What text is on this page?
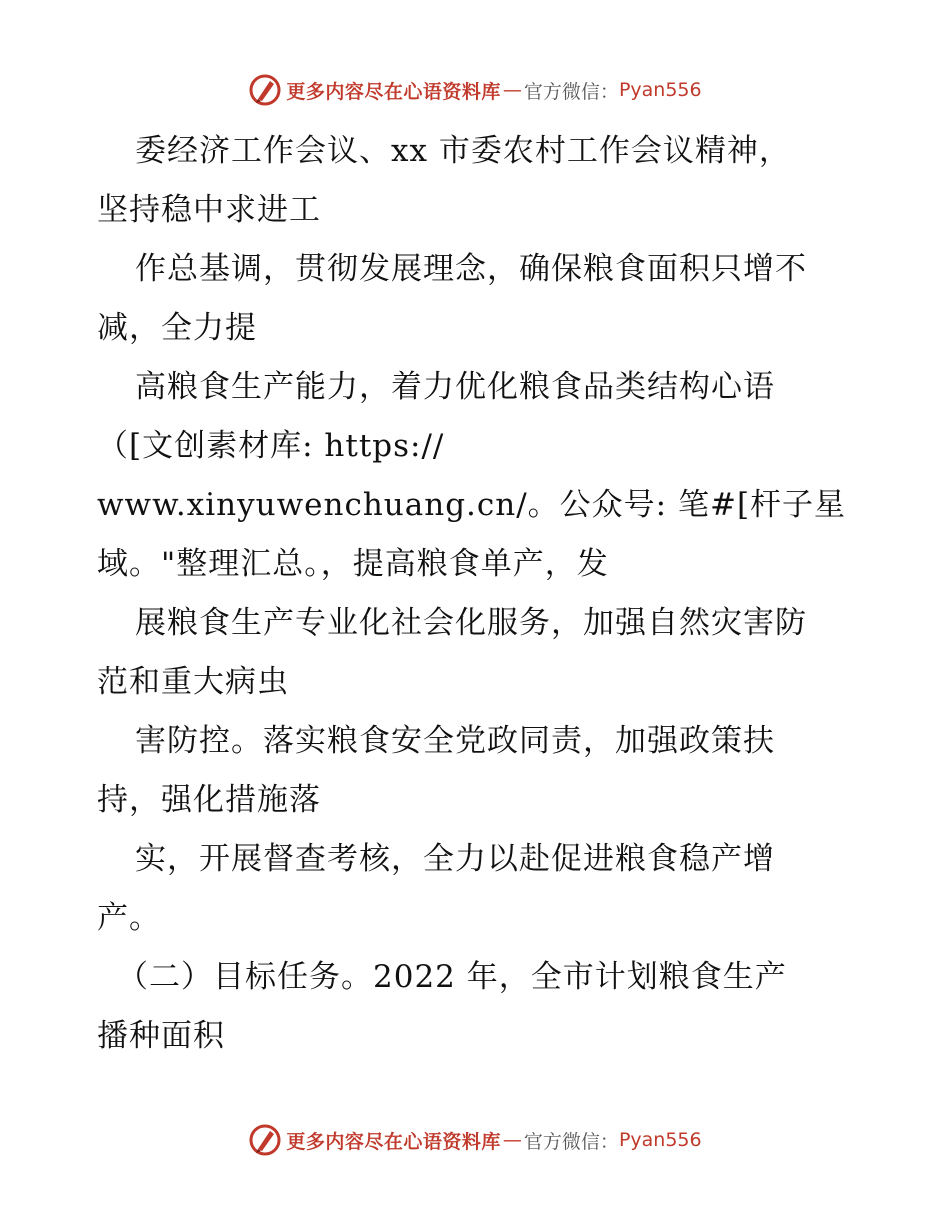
更多内容尽在心语资料库 — 官方微信： Pyan556
委经济工作会议、xx 市委农村工作会议精神，
坚持稳中求进工
作总基调，贯彻发展理念，确保粮食面积只增不
减，全力提
高粮食生产能力，着力优化粮食品类结构心语
（[文创素材库: https://
www.xinyuwenchuang.cn/。公众号: 笔#[杆子星
域。"整理汇总。，提高粮食单产，发
展粮食生产专业化社会化服务，加强自然灾害防
范和重大病虫
害防控。落实粮食安全党政同责，加强政策扶
持，强化措施落
实，开展督查考核，全力以赴促进粮食稳产增
产。
（二）目标任务。2022 年，全市计划粮食生产
播种面积
更多内容尽在心语资料库 — 官方微信： Pyan556
